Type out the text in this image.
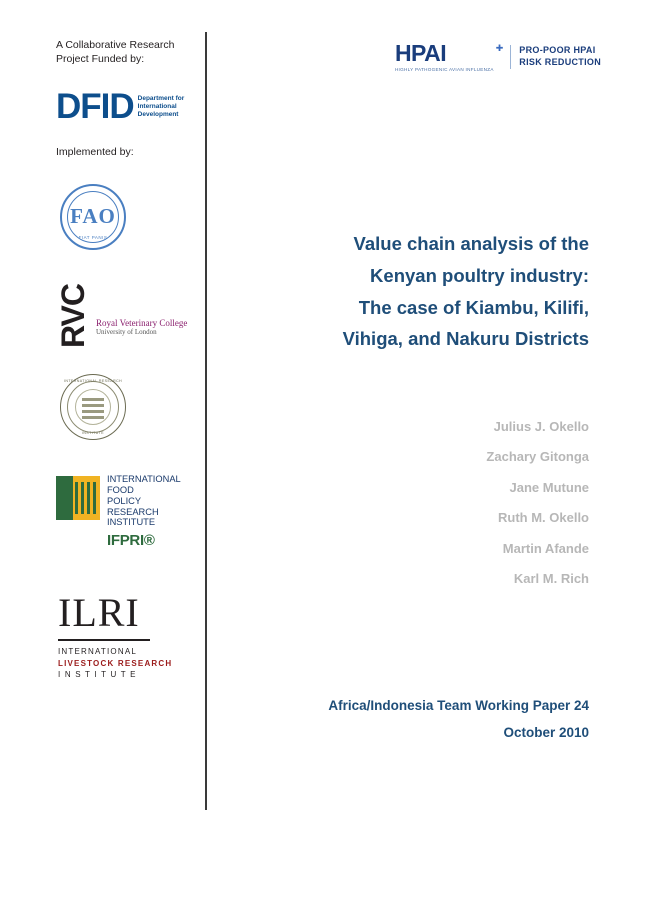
A Collaborative Research
Project Funded by:
DFID Department for
International
Development
Implemented by:
FAO
FIAT PANIS
RVC Royal Veterinary College
University of London
INTERNATIONAL RESEARCH
INSTITUTE
INTERNATIONAL
FOOD
POLICY
RESEARCH
INSTITUTE
IFPRI®
ILRI
INTERNATIONAL
LIVESTOCK RESEARCH
I N S T I T U T E
HPAI
HIGHLY PATHOGENIC AVIAN INFLUENZA
✚ PRO-POOR HPAI
RISK REDUCTION
Value chain analysis of the
Kenyan poultry industry:
The case of Kiambu, Kilifi,
Vihiga, and Nakuru Districts
Julius J. Okello
Zachary Gitonga
Jane Mutune
Ruth M. Okello
Martin Afande
Karl M. Rich
Africa/Indonesia Team Working Paper 24
October 2010
